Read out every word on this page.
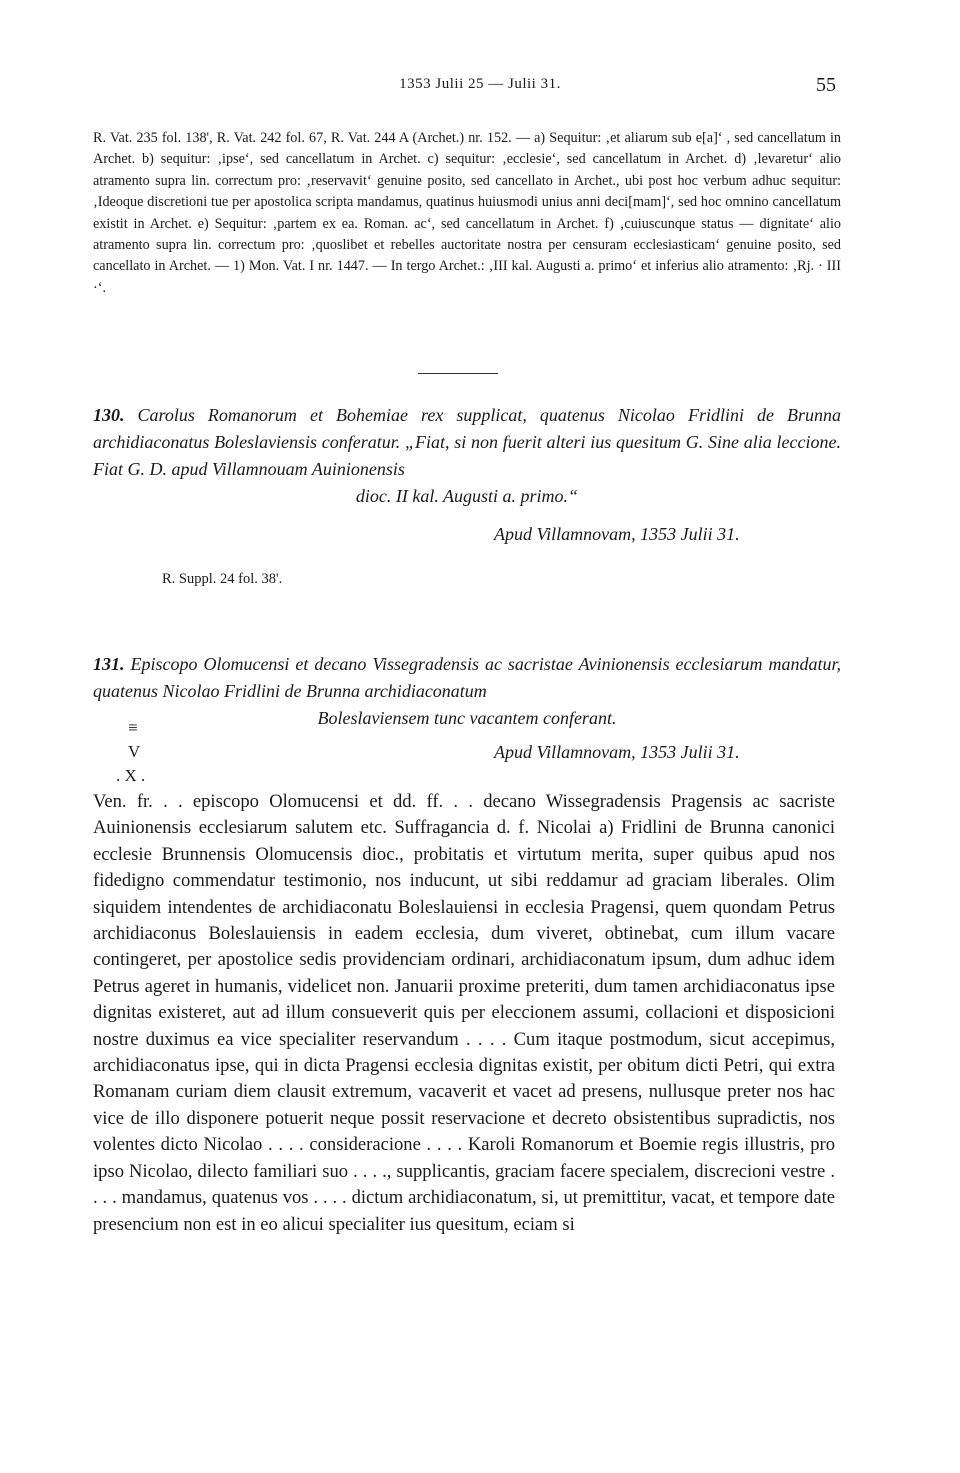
1353 Julii 25 — Julii 31.	55

R. Vat. 235 fol. 138', R. Vat. 242 fol. 67, R. Vat. 244 A (Archet.) nr. 152. — a) Sequitur: ‚et aliarum sub e[a]‘ , sed cancellatum in Archet. b) sequitur: ‚ipse‘, sed cancellatum in Archet. c) sequitur: ‚ecclesie‘, sed cancellatum in Archet. d) ‚levaretur‘ alio atramento supra lin. correctum pro: ‚reservavit‘ genuine posito, sed cancellato in Archet., ubi post hoc verbum adhuc sequitur: ‚Ideoque discretioni tue per apostolica scripta mandamus, quatinus huiusmodi unius anni deci[mam]‘, sed hoc omnino cancellatum existit in Archet. e) Sequitur: ‚partem ex ea. Roman. ac‘, sed cancellatum in Archet. f) ‚cuiuscunque status — dignitate‘ alio atramento supra lin. correctum pro: ‚quoslibet et rebelles auctoritate nostra per censuram ecclesiasticam‘ genuine posito, sed cancellato in Archet. — 1) Mon. Vat. I nr. 1447. — In tergo Archet.: ‚III kal. Augusti a. primo‘ et inferius alio atramento: ‚Rj. · III ·‘.

130. Carolus Romanorum et Bohemiae rex supplicat, quatenus Nicolao Fridlini de Brunna archidiaconatus Boleslaviensis conferatur. „Fiat, si non fuerit alteri ius quesitum G. Sine alia leccione. Fiat G. D. apud Villamnouam Auinionensis
dioc. II kal. Augusti a. primo.“
Apud Villamnovam, 1353 Julii 31.
R. Suppl. 24 fol. 38'.
131. Episcopo Olomucensi et decano Vissegradensis ac sacristae Avinionensis ecclesiarum mandatur, quatenus Nicolao Fridlini de Brunna archidiaconatum
Boleslaviensem tunc vacantem conferant.
≡
V
. X .
Apud Villamnovam, 1353 Julii 31.

Ven. fr. . . episcopo Olomucensi et dd. ff. . . decano Wissegradensis Pragensis ac sacriste Auinionensis ecclesiarum salutem etc. Suffragancia d. f. Nicolai a) Fridlini de Brunna canonici ecclesie Brunnensis Olomucensis dioc., probitatis et virtutum merita, super quibus apud nos fidedigno commendatur testimonio, nos inducunt, ut sibi reddamur ad graciam liberales. Olim siquidem intendentes de archidiaconatu Boleslauiensi in ecclesia Pragensi, quem quondam Petrus archidiaconus Boleslauiensis in eadem ecclesia, dum viveret, obtinebat, cum illum vacare contingeret, per apostolice sedis providenciam ordinari, archidiaconatum ipsum, dum adhuc idem Petrus ageret in humanis, videlicet non. Januarii proxime preteriti, dum tamen archidiaconatus ipse dignitas existeret, aut ad illum consueverit quis per eleccionem assumi, collacioni et disposicioni nostre duximus ea vice specialiter reservandum . . . . Cum itaque postmodum, sicut accepimus, archidiaconatus ipse, qui in dicta Pragensi ecclesia dignitas existit, per obitum dicti Petri, qui extra Romanam curiam diem clausit extremum, vacaverit et vacet ad presens, nullusque preter nos hac vice de illo disponere potuerit neque possit reservacione et decreto obsistentibus supradictis, nos volentes dicto Nicolao . . . . consideracione . . . . Karoli Romanorum et Boemie regis illustris, pro ipso Nicolao, dilecto familiari suo . . . ., supplicantis, graciam facere specialem, discrecioni vestre . . . . mandamus, quatenus vos . . . . dictum archidiaconatum, si, ut premittitur, vacat, et tempore date presencium non est in eo alicui specialiter ius quesitum, eciam si
